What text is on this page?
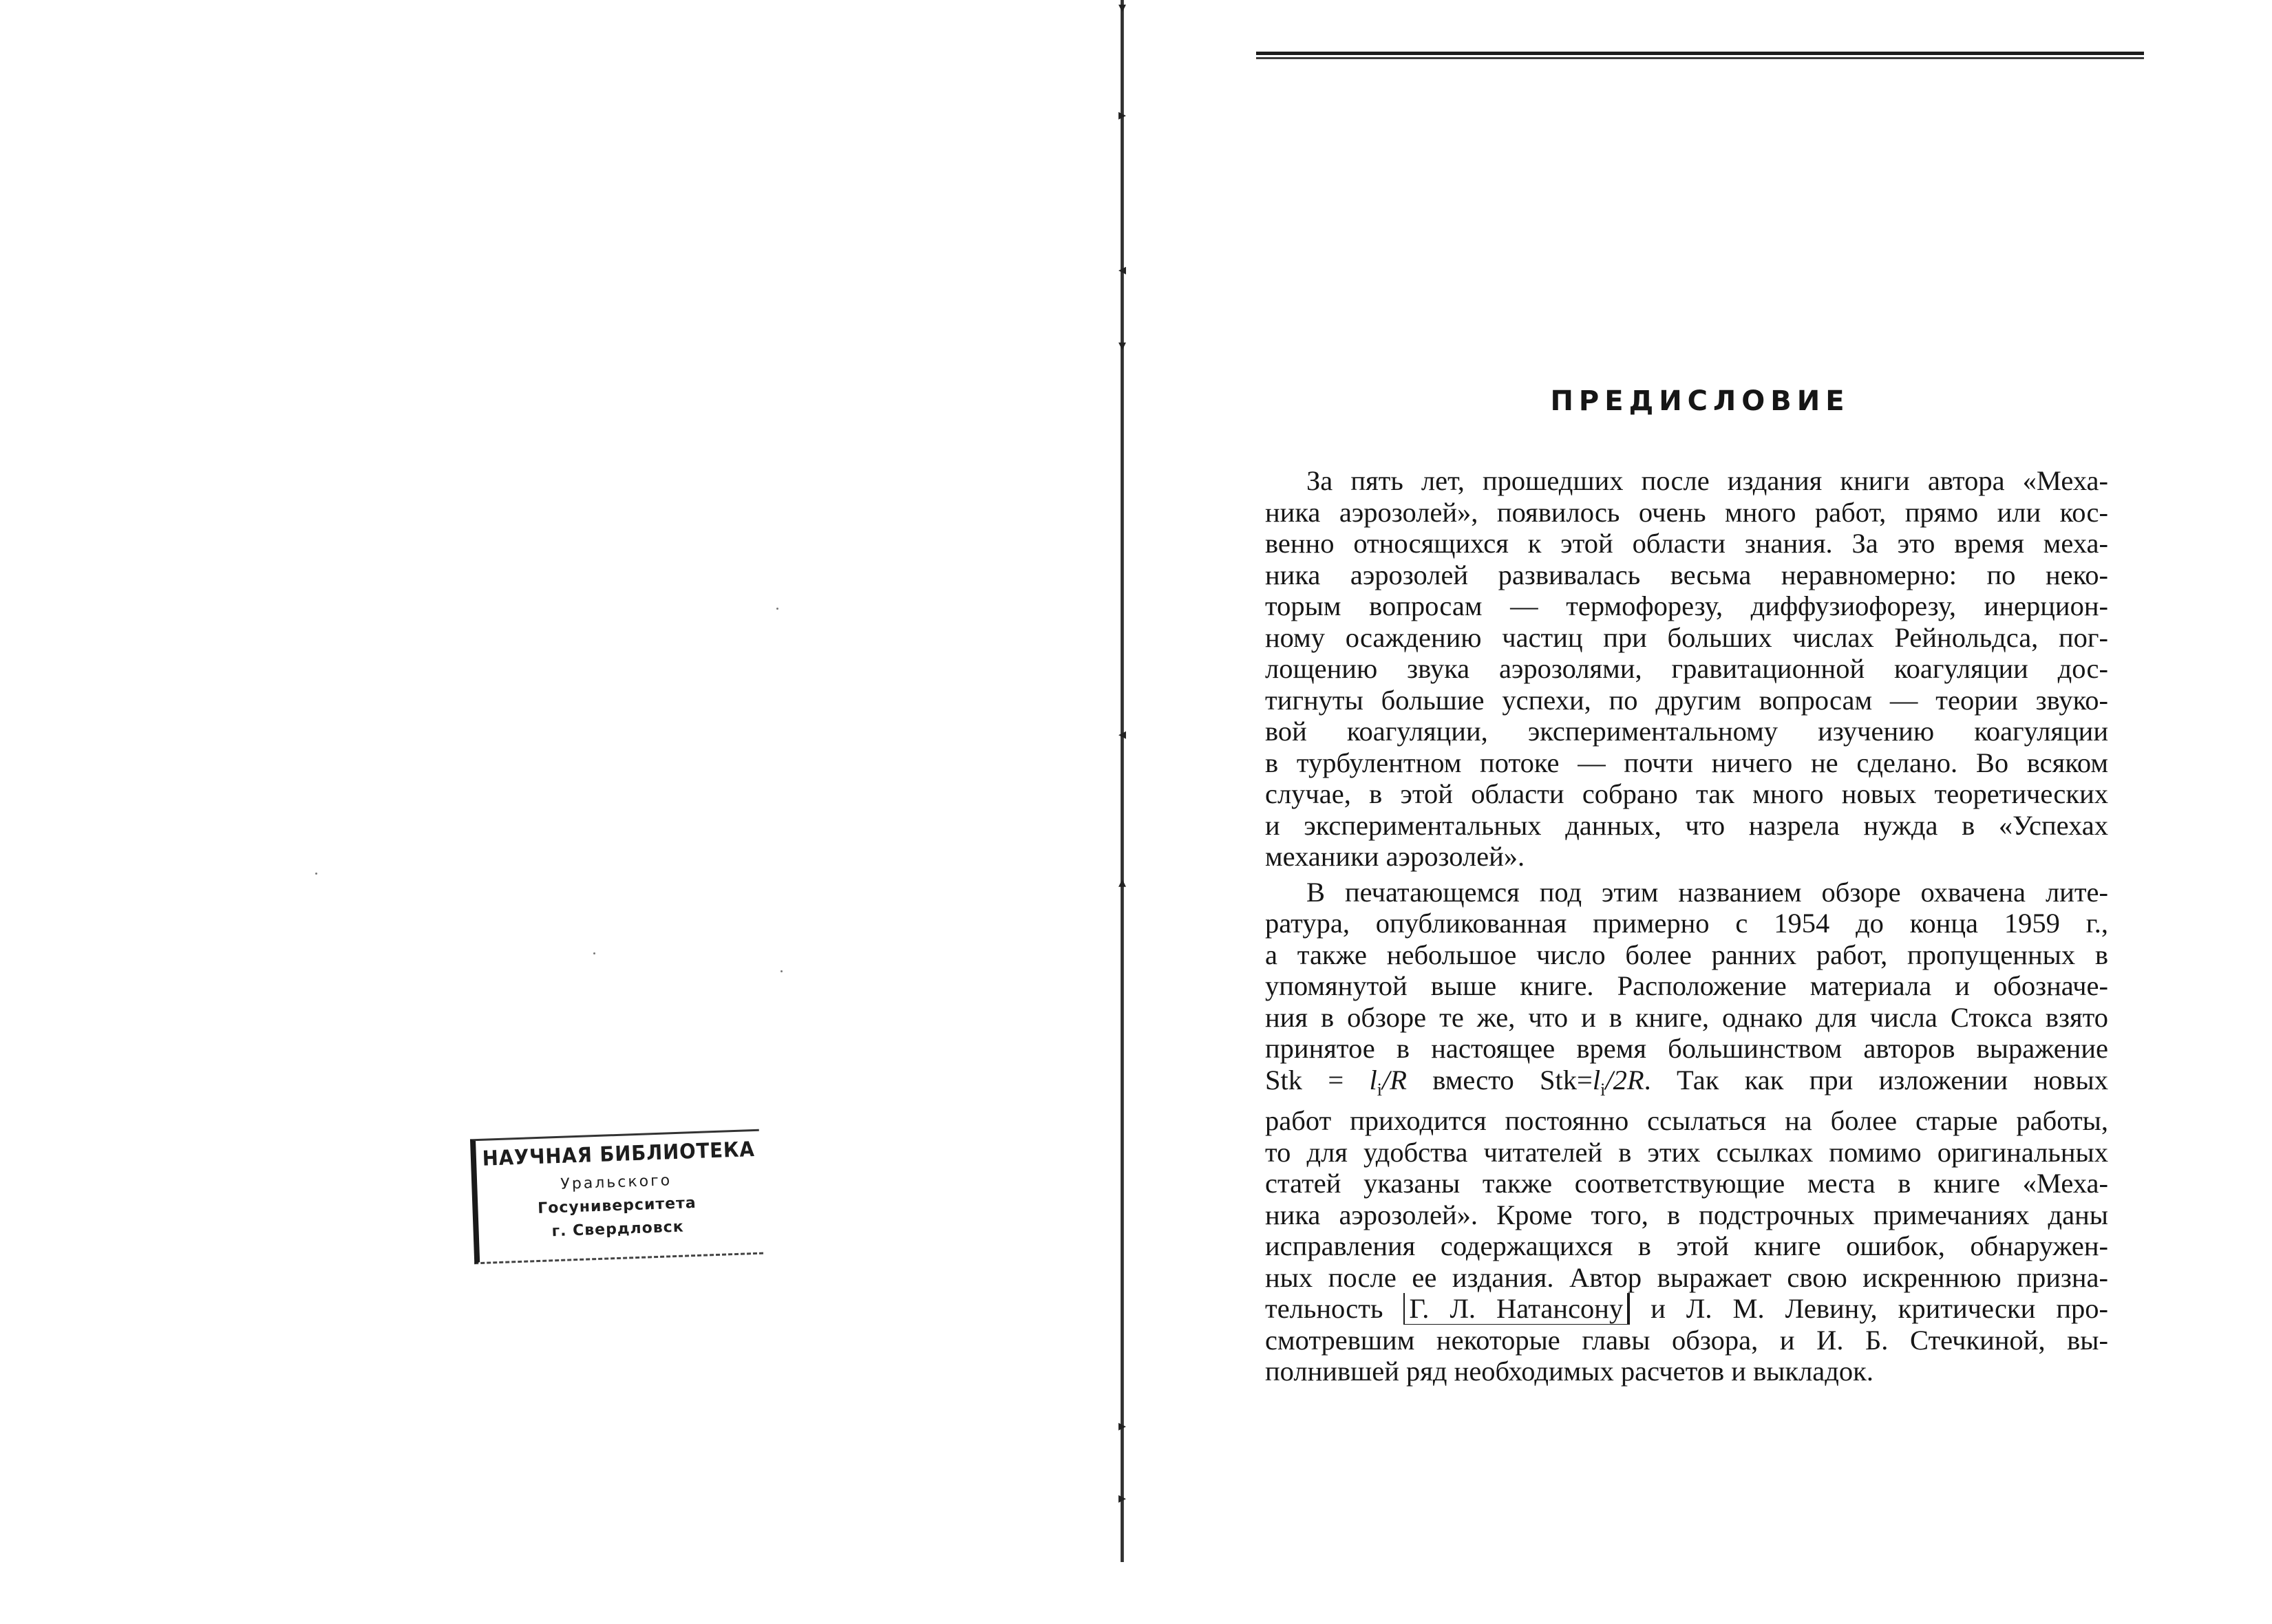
НАУЧНАЯ БИБЛИОТЕКА
Уральского
Госуниверситета
г. Свердловск
▾
▸
◂
▾
◂
▴
▸
▸
ПРЕДИСЛОВИЕ
За пять лет, прошедших после издания книги автора «Меха-
ника аэрозолей», появилось очень много работ, прямо или кос-
венно относящихся к этой области знания. За это время меха-
ника аэрозолей развивалась весьма неравномерно: по неко-
торым вопросам — термофорезу, диффузиофорезу, инерцион-
ному осаждению частиц при больших числах Рейнольдса, пог-
лощению звука аэрозолями, гравитационной коагуляции дос-
тигнуты большие успехи, по другим вопросам — теории звуко-
вой коагуляции, экспериментальному изучению коагуляции
в турбулентном потоке — почти ничего не сделано. Во всяком
случае, в этой области собрано так много новых теоретических
и экспериментальных данных, что назрела нужда в «Успехах
механики аэрозолей».
В печатающемся под этим названием обзоре охвачена лите-
ратура, опубликованная примерно с 1954 до конца 1959 г.,
а также небольшое число более ранних работ, пропущенных в
упомянутой выше книге. Расположение материала и обозначе-
ния в обзоре те же, что и в книге, однако для числа Стокса взято
принятое в настоящее время большинством авторов выражение
Stk = $l_i/R$ вместо $Stk=l_i/2R$. Так как при изложении новых
работ приходится постоянно ссылаться на более старые работы,
то для удобства читателей в этих ссылках помимо оригинальных
статей указаны также соответствующие места в книге «Меха-
ника аэрозолей». Кроме того, в подстрочных примечаниях даны
исправления содержащихся в этой книге ошибок, обнаружен-
ных после ее издания. Автор выражает свою искреннюю призна-
тельность Г. Л. Натансону и Л. М. Левину, критически про-
смотревшим некоторые главы обзора, и И. Б. Стечкиной, вы-
полнившей ряд необходимых расчетов и выкладок.
